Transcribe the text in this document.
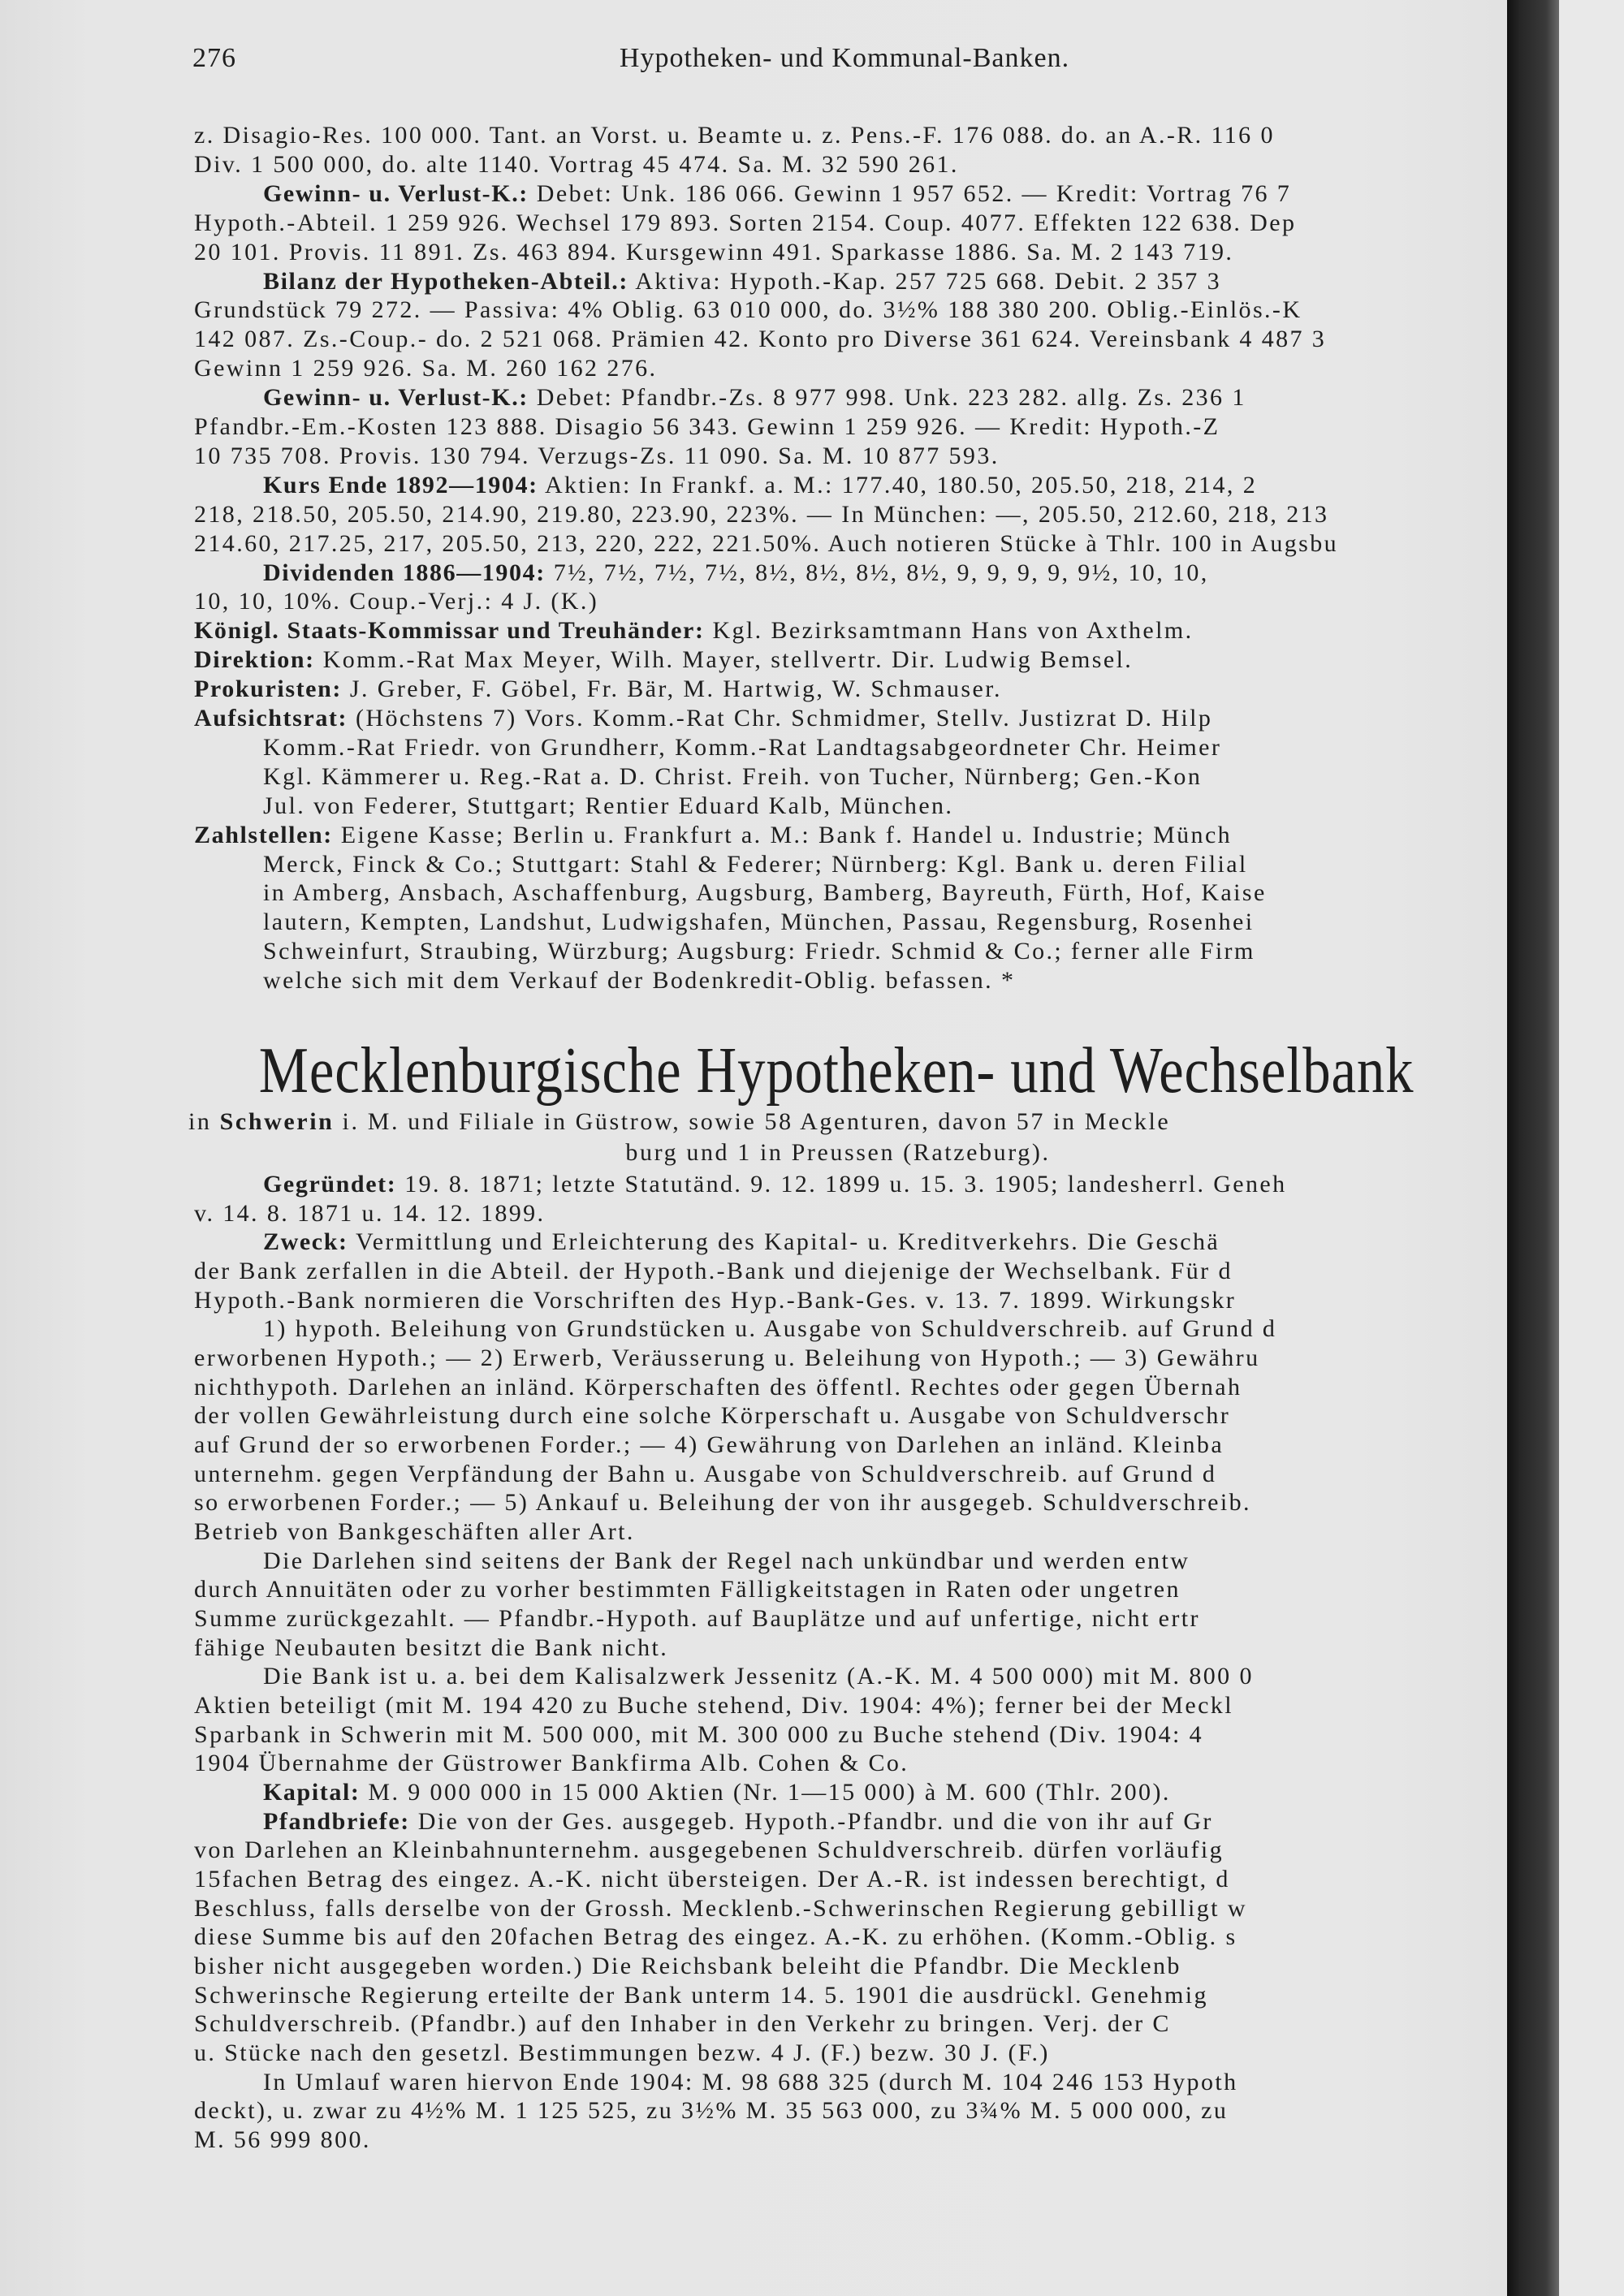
276	Hypotheken- und Kommunal-Banken.
z. Disagio-Res. 100 000. Tant. an Vorst. u. Beamte u. z. Pens.-F. 176 088. do. an A.-R. 116 0
Div. 1 500 000, do. alte 1140. Vortrag 45 474. Sa. M. 32 590 261.
Gewinn- u. Verlust-K.: Debet: Unk. 186 066. Gewinn 1 957 652. — Kredit: Vortrag 76 7
Hypoth.-Abteil. 1 259 926. Wechsel 179 893. Sorten 2154. Coup. 4077. Effekten 122 638. Dep
20 101. Provis. 11 891. Zs. 463 894. Kursgewinn 491. Sparkasse 1886. Sa. M. 2 143 719.
Bilanz der Hypotheken-Abteil.: Aktiva: Hypoth.-Kap. 257 725 668. Debit. 2 357 3
Grundstück 79 272. — Passiva: 4% Oblig. 63 010 000, do. 3½% 188 380 200. Oblig.-Einlös.-K
142 087. Zs.-Coup.- do. 2 521 068. Prämien 42. Konto pro Diverse 361 624. Vereinsbank 4 487 3
Gewinn 1 259 926. Sa. M. 260 162 276.
Gewinn- u. Verlust-K.: Debet: Pfandbr.-Zs. 8 977 998. Unk. 223 282. allg. Zs. 236 1
Pfandbr.-Em.-Kosten 123 888. Disagio 56 343. Gewinn 1 259 926. — Kredit: Hypoth.-Z
10 735 708. Provis. 130 794. Verzugs-Zs. 11 090. Sa. M. 10 877 593.
Kurs Ende 1892—1904: Aktien: In Frankf. a. M.: 177.40, 180.50, 205.50, 218, 214, 2
218, 218.50, 205.50, 214.90, 219.80, 223.90, 223%. — In München: —, 205.50, 212.60, 218, 213
214.60, 217.25, 217, 205.50, 213, 220, 222, 221.50%. Auch notieren Stücke à Thlr. 100 in Augsbu
Dividenden 1886—1904: 7½, 7½, 7½, 7½, 8½, 8½, 8½, 8½, 9, 9, 9, 9, 9½, 10, 10,
10, 10, 10%. Coup.-Verj.: 4 J. (K.)
Königl. Staats-Kommissar und Treuhänder: Kgl. Bezirksamtmann Hans von Axthelm.
Direktion: Komm.-Rat Max Meyer, Wilh. Mayer, stellvertr. Dir. Ludwig Bemsel.
Prokuristen: J. Greber, F. Göbel, Fr. Bär, M. Hartwig, W. Schmauser.
Aufsichtsrat: (Höchstens 7) Vors. Komm.-Rat Chr. Schmidmer, Stellv. Justizrat D. Hilp
Komm.-Rat Friedr. von Grundherr, Komm.-Rat Landtagsabgeordneter Chr. Heimer
Kgl. Kämmerer u. Reg.-Rat a. D. Christ. Freih. von Tucher, Nürnberg; Gen.-Kon
Jul. von Federer, Stuttgart; Rentier Eduard Kalb, München.
Zahlstellen: Eigene Kasse; Berlin u. Frankfurt a. M.: Bank f. Handel u. Industrie; Münch
Merck, Finck & Co.; Stuttgart: Stahl & Federer; Nürnberg: Kgl. Bank u. deren Filial
in Amberg, Ansbach, Aschaffenburg, Augsburg, Bamberg, Bayreuth, Fürth, Hof, Kaise
lautern, Kempten, Landshut, Ludwigshafen, München, Passau, Regensburg, Rosenhei
Schweinfurt, Straubing, Würzburg; Augsburg: Friedr. Schmid & Co.; ferner alle Firm
welche sich mit dem Verkauf der Bodenkredit-Oblig. befassen. *
Mecklenburgische Hypotheken- und Wechselbank
in Schwerin i. M. und Filiale in Güstrow, sowie 58 Agenturen, davon 57 in Meckle
burg und 1 in Preussen (Ratzeburg).
Gegründet: 19. 8. 1871; letzte Statutänd. 9. 12. 1899 u. 15. 3. 1905; landesherrl. Geneh
v. 14. 8. 1871 u. 14. 12. 1899.
Zweck: Vermittlung und Erleichterung des Kapital- u. Kreditverkehrs. Die Geschä
der Bank zerfallen in die Abteil. der Hypoth.-Bank und diejenige der Wechselbank. Für d
Hypoth.-Bank normieren die Vorschriften des Hyp.-Bank-Ges. v. 13. 7. 1899. Wirkungskr
1) hypoth. Beleihung von Grundstücken u. Ausgabe von Schuldverschreib. auf Grund d
erworbenen Hypoth.; — 2) Erwerb, Veräusserung u. Beleihung von Hypoth.; — 3) Gewähru
nichthypoth. Darlehen an inländ. Körperschaften des öffentl. Rechtes oder gegen Übernah
der vollen Gewährleistung durch eine solche Körperschaft u. Ausgabe von Schuldverschr
auf Grund der so erworbenen Forder.; — 4) Gewährung von Darlehen an inländ. Kleinba
unternehm. gegen Verpfändung der Bahn u. Ausgabe von Schuldverschreib. auf Grund d
so erworbenen Forder.; — 5) Ankauf u. Beleihung der von ihr ausgegeb. Schuldverschreib.
Betrieb von Bankgeschäften aller Art.
Die Darlehen sind seitens der Bank der Regel nach unkündbar und werden entw
durch Annuitäten oder zu vorher bestimmten Fälligkeitstagen in Raten oder ungetren
Summe zurückgezahlt. — Pfandbr.-Hypoth. auf Bauplätze und auf unfertige, nicht ertr
fähige Neubauten besitzt die Bank nicht.
Die Bank ist u. a. bei dem Kalisalzwerk Jessenitz (A.-K. M. 4 500 000) mit M. 800 0
Aktien beteiligt (mit M. 194 420 zu Buche stehend, Div. 1904: 4%); ferner bei der Meckl
Sparbank in Schwerin mit M. 500 000, mit M. 300 000 zu Buche stehend (Div. 1904: 4
1904 Übernahme der Güstrower Bankfirma Alb. Cohen & Co.
Kapital: M. 9 000 000 in 15 000 Aktien (Nr. 1—15 000) à M. 600 (Thlr. 200).
Pfandbriefe: Die von der Ges. ausgegeb. Hypoth.-Pfandbr. und die von ihr auf Gr
von Darlehen an Kleinbahnunternehm. ausgegebenen Schuldverschreib. dürfen vorläufig
15fachen Betrag des eingez. A.-K. nicht übersteigen. Der A.-R. ist indessen berechtigt, d
Beschluss, falls derselbe von der Grossh. Mecklenb.-Schwerinschen Regierung gebilligt w
diese Summe bis auf den 20fachen Betrag des eingez. A.-K. zu erhöhen. (Komm.-Oblig. s
bisher nicht ausgegeben worden.) Die Reichsbank beleiht die Pfandbr. Die Mecklenb
Schwerinsche Regierung erteilte der Bank unterm 14. 5. 1901 die ausdrückl. Genehmig
Schuldverschreib. (Pfandbr.) auf den Inhaber in den Verkehr zu bringen. Verj. der C
u. Stücke nach den gesetzl. Bestimmungen bezw. 4 J. (F.) bezw. 30 J. (F.)
In Umlauf waren hiervon Ende 1904: M. 98 688 325 (durch M. 104 246 153 Hypoth
deckt), u. zwar zu 4½% M. 1 125 525, zu 3½% M. 35 563 000, zu 3¾% M. 5 000 000, zu
M. 56 999 800.
